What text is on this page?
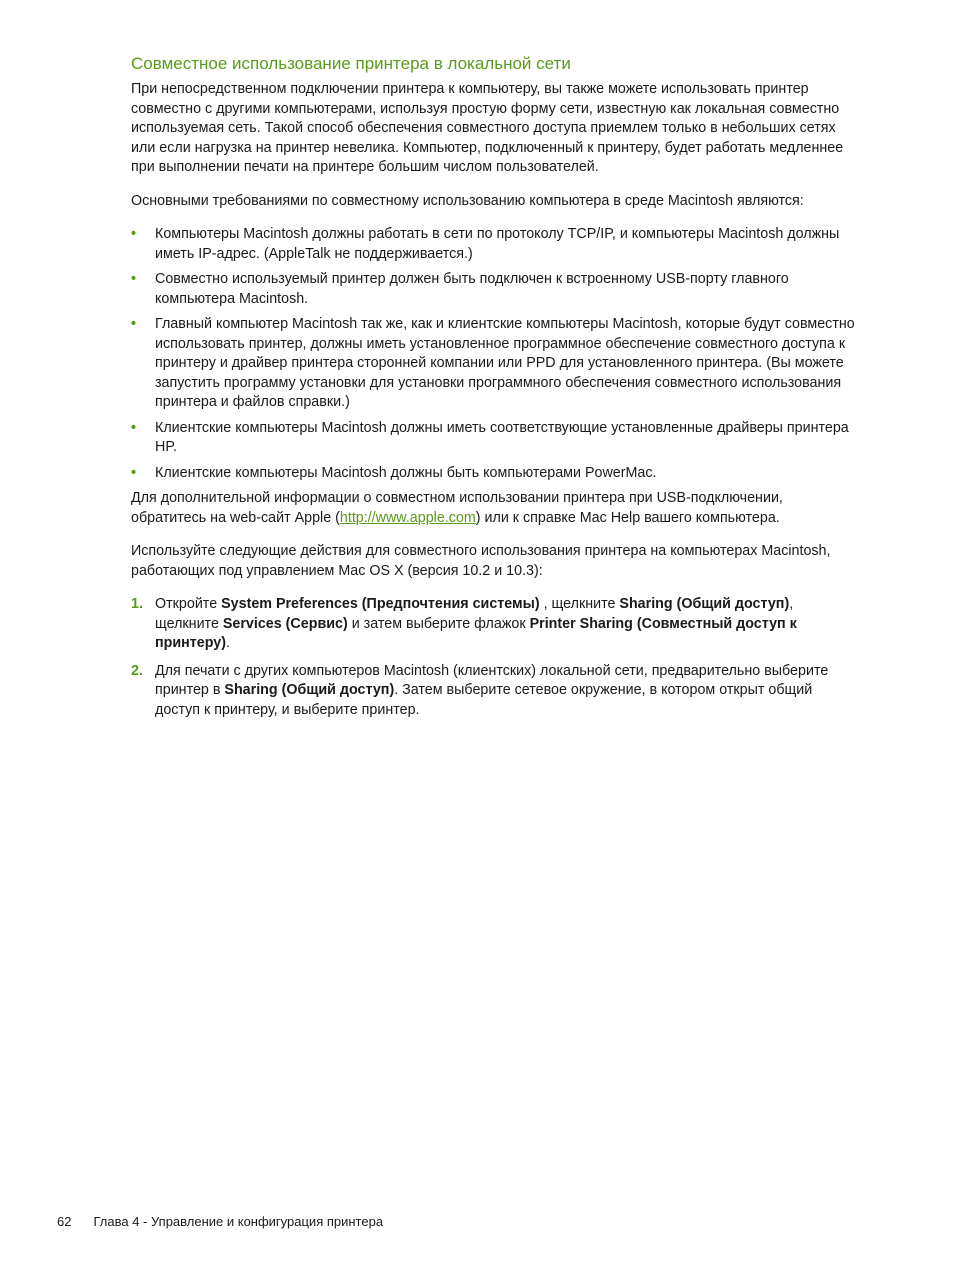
Совместное использование принтера в локальной сети

При непосредственном подключении принтера к компьютеру, вы также можете использовать принтер совместно с другими компьютерами, используя простую форму сети, известную как локальная совместно используемая сеть. Такой способ обеспечения совместного доступа приемлем только в небольших сетях или если нагрузка на принтер невелика. Компьютер, подключенный к принтеру, будет работать медленнее при выполнении печати на принтере большим числом пользователей.

Основными требованиями по совместному использованию компьютера в среде Macintosh являются:

• Компьютеры Macintosh должны работать в сети по протоколу TCP/IP, и компьютеры Macintosh должны иметь IP-адрес. (AppleTalk не поддерживается.)
• Совместно используемый принтер должен быть подключен к встроенному USB-порту главного компьютера Macintosh.
• Главный компьютер Macintosh так же, как и клиентские компьютеры Macintosh, которые будут совместно использовать принтер, должны иметь установленное программное обеспечение совместного доступа к принтеру и драйвер принтера сторонней компании или PPD для установленного принтера. (Вы можете запустить программу установки для установки программного обеспечения совместного использования принтера и файлов справки.)
• Клиентские компьютеры Macintosh должны иметь соответствующие установленные драйверы принтера HP.
• Клиентские компьютеры Macintosh должны быть компьютерами PowerMac.

Для дополнительной информации о совместном использовании принтера при USB-подключении, обратитесь на web-сайт Apple (http://www.apple.com) или к справке Mac Help вашего компьютера.

Используйте следующие действия для совместного использования принтера на компьютерах Macintosh, работающих под управлением Mac OS X (версия 10.2 и 10.3):

1. Откройте System Preferences (Предпочтения системы) , щелкните Sharing (Общий доступ), щелкните Services (Сервис) и затем выберите флажок Printer Sharing (Совместный доступ к принтеру).
2. Для печати с других компьютеров Macintosh (клиентских) локальной сети, предварительно выберите принтер в Sharing (Общий доступ). Затем выберите сетевое окружение, в котором открыт общий доступ к принтеру, и выберите принтер.
62 Глава 4 - Управление и конфигурация принтера
